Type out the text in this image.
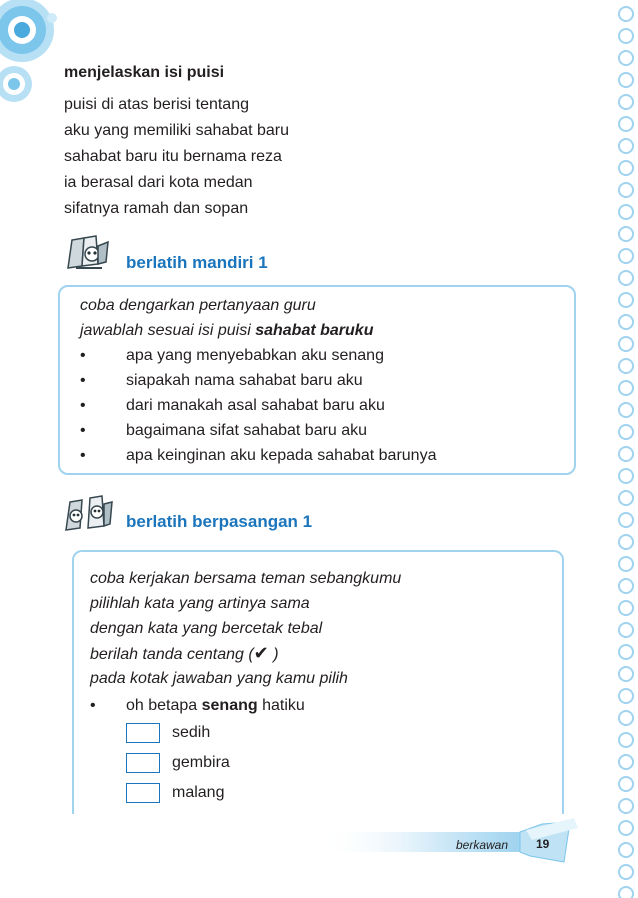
menjelaskan isi puisi
puisi di atas berisi tentang
aku yang memiliki sahabat baru
sahabat baru itu bernama reza
ia berasal dari kota medan
sifatnya ramah dan sopan
berlatih mandiri 1
coba dengarkan pertanyaan guru
jawablah sesuai isi puisi sahabat baruku
•	apa yang menyebabkan aku senang
•	siapakah nama sahabat baru aku
•	dari manakah asal sahabat baru aku
•	bagaimana sifat sahabat baru aku
•	apa keinginan aku kepada sahabat barunya
berlatih berpasangan 1
coba kerjakan bersama teman sebangkumu
pilihlah kata yang artinya sama
dengan kata yang bercetak tebal
berilah tanda centang (✔ )
pada kotak jawaban yang kamu pilih
•	oh betapa senang hatiku
sedih
gembira
malang
berkawan 19
